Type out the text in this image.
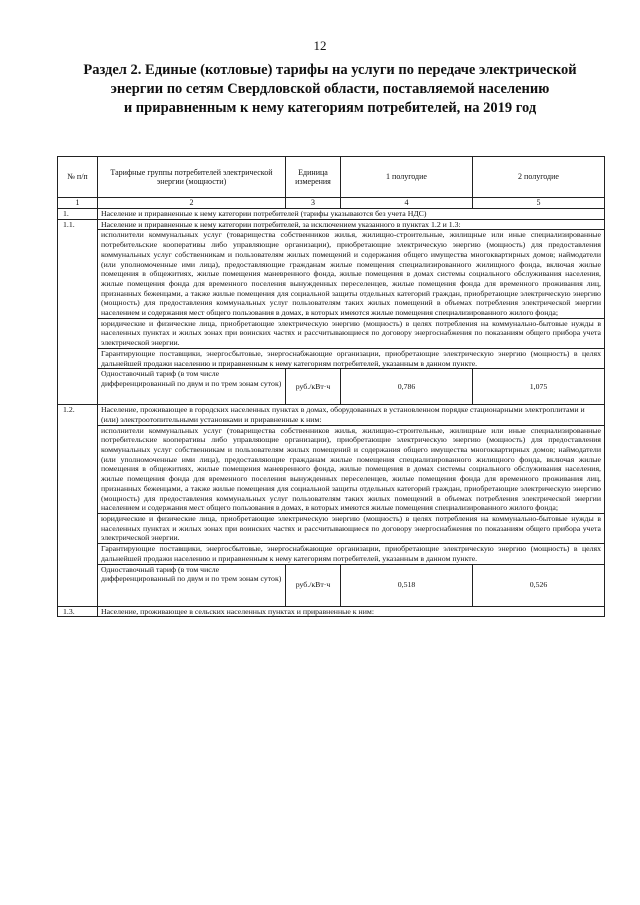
12
Раздел 2. Единые (котловые) тарифы на услуги по передаче электрической
энергии по сетям Свердловской области, поставляемой населению
и приравненным к нему категориям потребителей, на 2019 год
№ п/п	Тарифные группы потребителей электрической энергии (мощности)	Единица измерения	1 полугодие	2 полугодие
1	2	3	4	5
1.	Население и приравненные к нему категории потребителей (тарифы указываются без учета НДС)			
1.1.	Население и приравненные к нему категории потребителей, за исключением указанного в пунктах 1.2 и 1.3:			
	исполнители коммунальных услуг (товарищества собственников жилья, жилищно-строительные, жилищные или иные специализированные потребительские кооперативы либо управляющие организации), приобретающие электрическую энергию (мощность) для предоставления коммунальных услуг собственникам и пользователям жилых помещений и содержания общего имущества многоквартирных домов; наймодатели (или уполномоченные ими лица), предоставляющие гражданам жилые помещения специализированного жилищного фонда, включая жилые помещения в общежитиях, жилые помещения маневренного фонда, жилые помещения в домах системы социального обслуживания населения, жилые помещения фонда для временного поселения вынужденных переселенцев, жилые помещения фонда для временного проживания лиц, признанных беженцами, а также жилые помещения для социальной защиты отдельных категорий граждан, приобретающие электрическую энергию (мощность) для предоставления коммунальных услуг пользователям таких жилых помещений в объемах потребления электрической энергии населением и содержания мест общего пользования в домах, в которых имеются жилые помещения специализированного жилого фонда;			
	юридические и физические лица, приобретающие электрическую энергию (мощность) в целях потребления на коммунально-бытовые нужды в населенных пунктах и жилых зонах при воинских частях и рассчитывающиеся по договору энергоснабжения по показаниям общего прибора учета электрической энергии.			
	Гарантирующие поставщики, энергосбытовые, энергоснабжающие организации, приобретающие электрическую энергию (мощность) в целях дальнейшей продажи населению и приравненным к нему категориям потребителей, указанным в данном пункте.			
	Одноставочный тариф (в том числе дифференцированный по двум и по трем зонам суток)	руб./кВт·ч	0,786	1,075
1.2.	Население, проживающее в городских населенных пунктах в домах, оборудованных в установленном порядке стационарными электроплитами и (или) электроотопительными установками и приравненные к ним:			
	исполнители коммунальных услуг (товарищества собственников жилья, жилищно-строительные, жилищные или иные специализированные потребительские кооперативы либо управляющие организации), приобретающие электрическую энергию (мощность) для предоставления коммунальных услуг собственникам и пользователям жилых помещений и содержания общего имущества многоквартирных домов; наймодатели (или уполномоченные ими лица), предоставляющие гражданам жилые помещения специализированного жилищного фонда, включая жилые помещения в общежитиях, жилые помещения маневренного фонда, жилые помещения в домах системы социального обслуживания населения, жилые помещения фонда для временного поселения вынужденных переселенцев, жилые помещения фонда для временного проживания лиц, признанных беженцами, а также жилые помещения для социальной защиты отдельных категорий граждан, приобретающие электрическую энергию (мощность) для предоставления коммунальных услуг пользователям таких жилых помещений в объемах потребления электрической энергии населением и содержания мест общего пользования в домах, в которых имеются жилые помещения специализированного жилого фонда;			
	юридические и физические лица, приобретающие электрическую энергию (мощность) в целях потребления на коммунально-бытовые нужды в населенных пунктах и жилых зонах при воинских частях и рассчитывающиеся по договору энергоснабжения по показаниям общего прибора учета электрической энергии.			
	Гарантирующие поставщики, энергосбытовые, энергоснабжающие организации, приобретающие электрическую энергию (мощность) в целях дальнейшей продажи населению и приравненным к нему категориям потребителей, указанным в данном пункте.			
	Одноставочный тариф (в том числе дифференцированный по двум и по трем зонам суток)	руб./кВт·ч	0,518	0,526
1.3.	Население, проживающее в сельских населенных пунктах и приравненные к ним:			
